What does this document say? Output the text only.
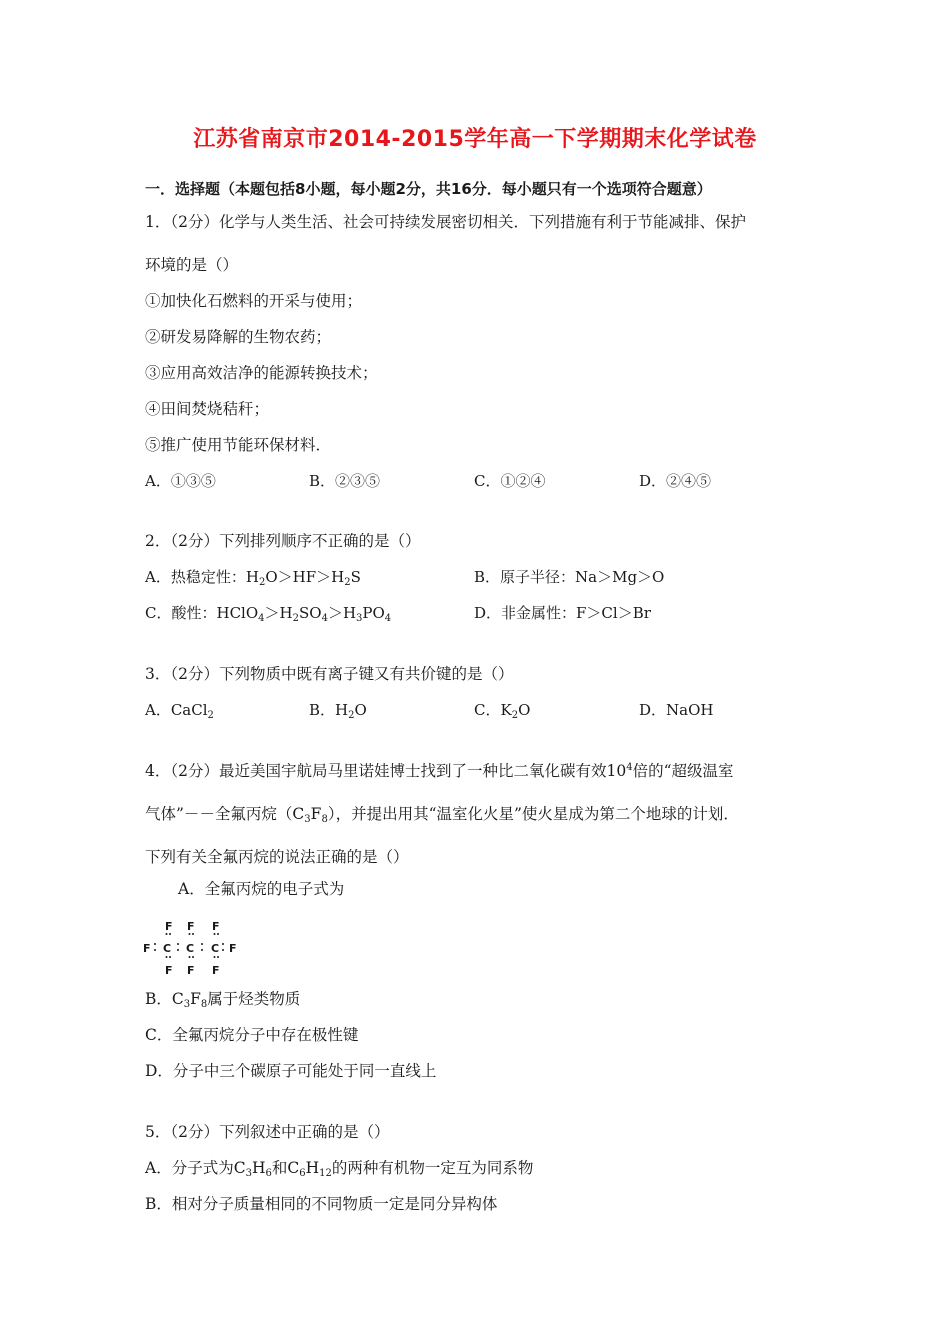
江苏省南京市2014-2015学年高一下学期期末化学试卷
一．选择题（本题包括8小题，每小题2分，共16分．每小题只有一个选项符合题意）
1．（2分）化学与人类生活、社会可持续发展密切相关．下列措施有利于节能减排、保护
环境的是（）
①加快化石燃料的开采与使用；
②研发易降解的生物农药；
③应用高效洁净的能源转换技术；
④田间焚烧秸秆；
⑤推广使用节能环保材料．
A．①③⑤	B．②③⑤	C．①②④	D．②④⑤
2．（2分）下列排列顺序不正确的是（）
A．热稳定性：$H_2O>HF>H_2S$	B．原子半径：Na＞Mg＞O
C．酸性：$HClO_4>H_2SO_4>H_3PO_4$	D．非金属性：F＞Cl＞Br
3．（2分）下列物质中既有离子键又有共价键的是（）
A．CaCl$_2$	B．$H_2O$	C．$K_2O$	D．NaOH
4．（2分）最近美国宇航局马里诺娃博士找到了一种比二氧化碳有效$10^4$倍的“超级温室
气体”－－全氟丙烷$(C_3F_8)$，并提出用其“温室化火星”使火星成为第二个地球的计划．
下列有关全氟丙烷的说法正确的是（）
A．全氟丙烷的电子式为
F F F
F C C C F
F F F
B．$C_3F_8$属于烃类物质
C．全氟丙烷分子中存在极性键
D．分子中三个碳原子可能处于同一直线上
5．（2分）下列叙述中正确的是（）
A．分子式为$C_3H_6$和$C_6H_{12}$的两种有机物一定互为同系物
B．相对分子质量相同的不同物质一定是同分异构体
